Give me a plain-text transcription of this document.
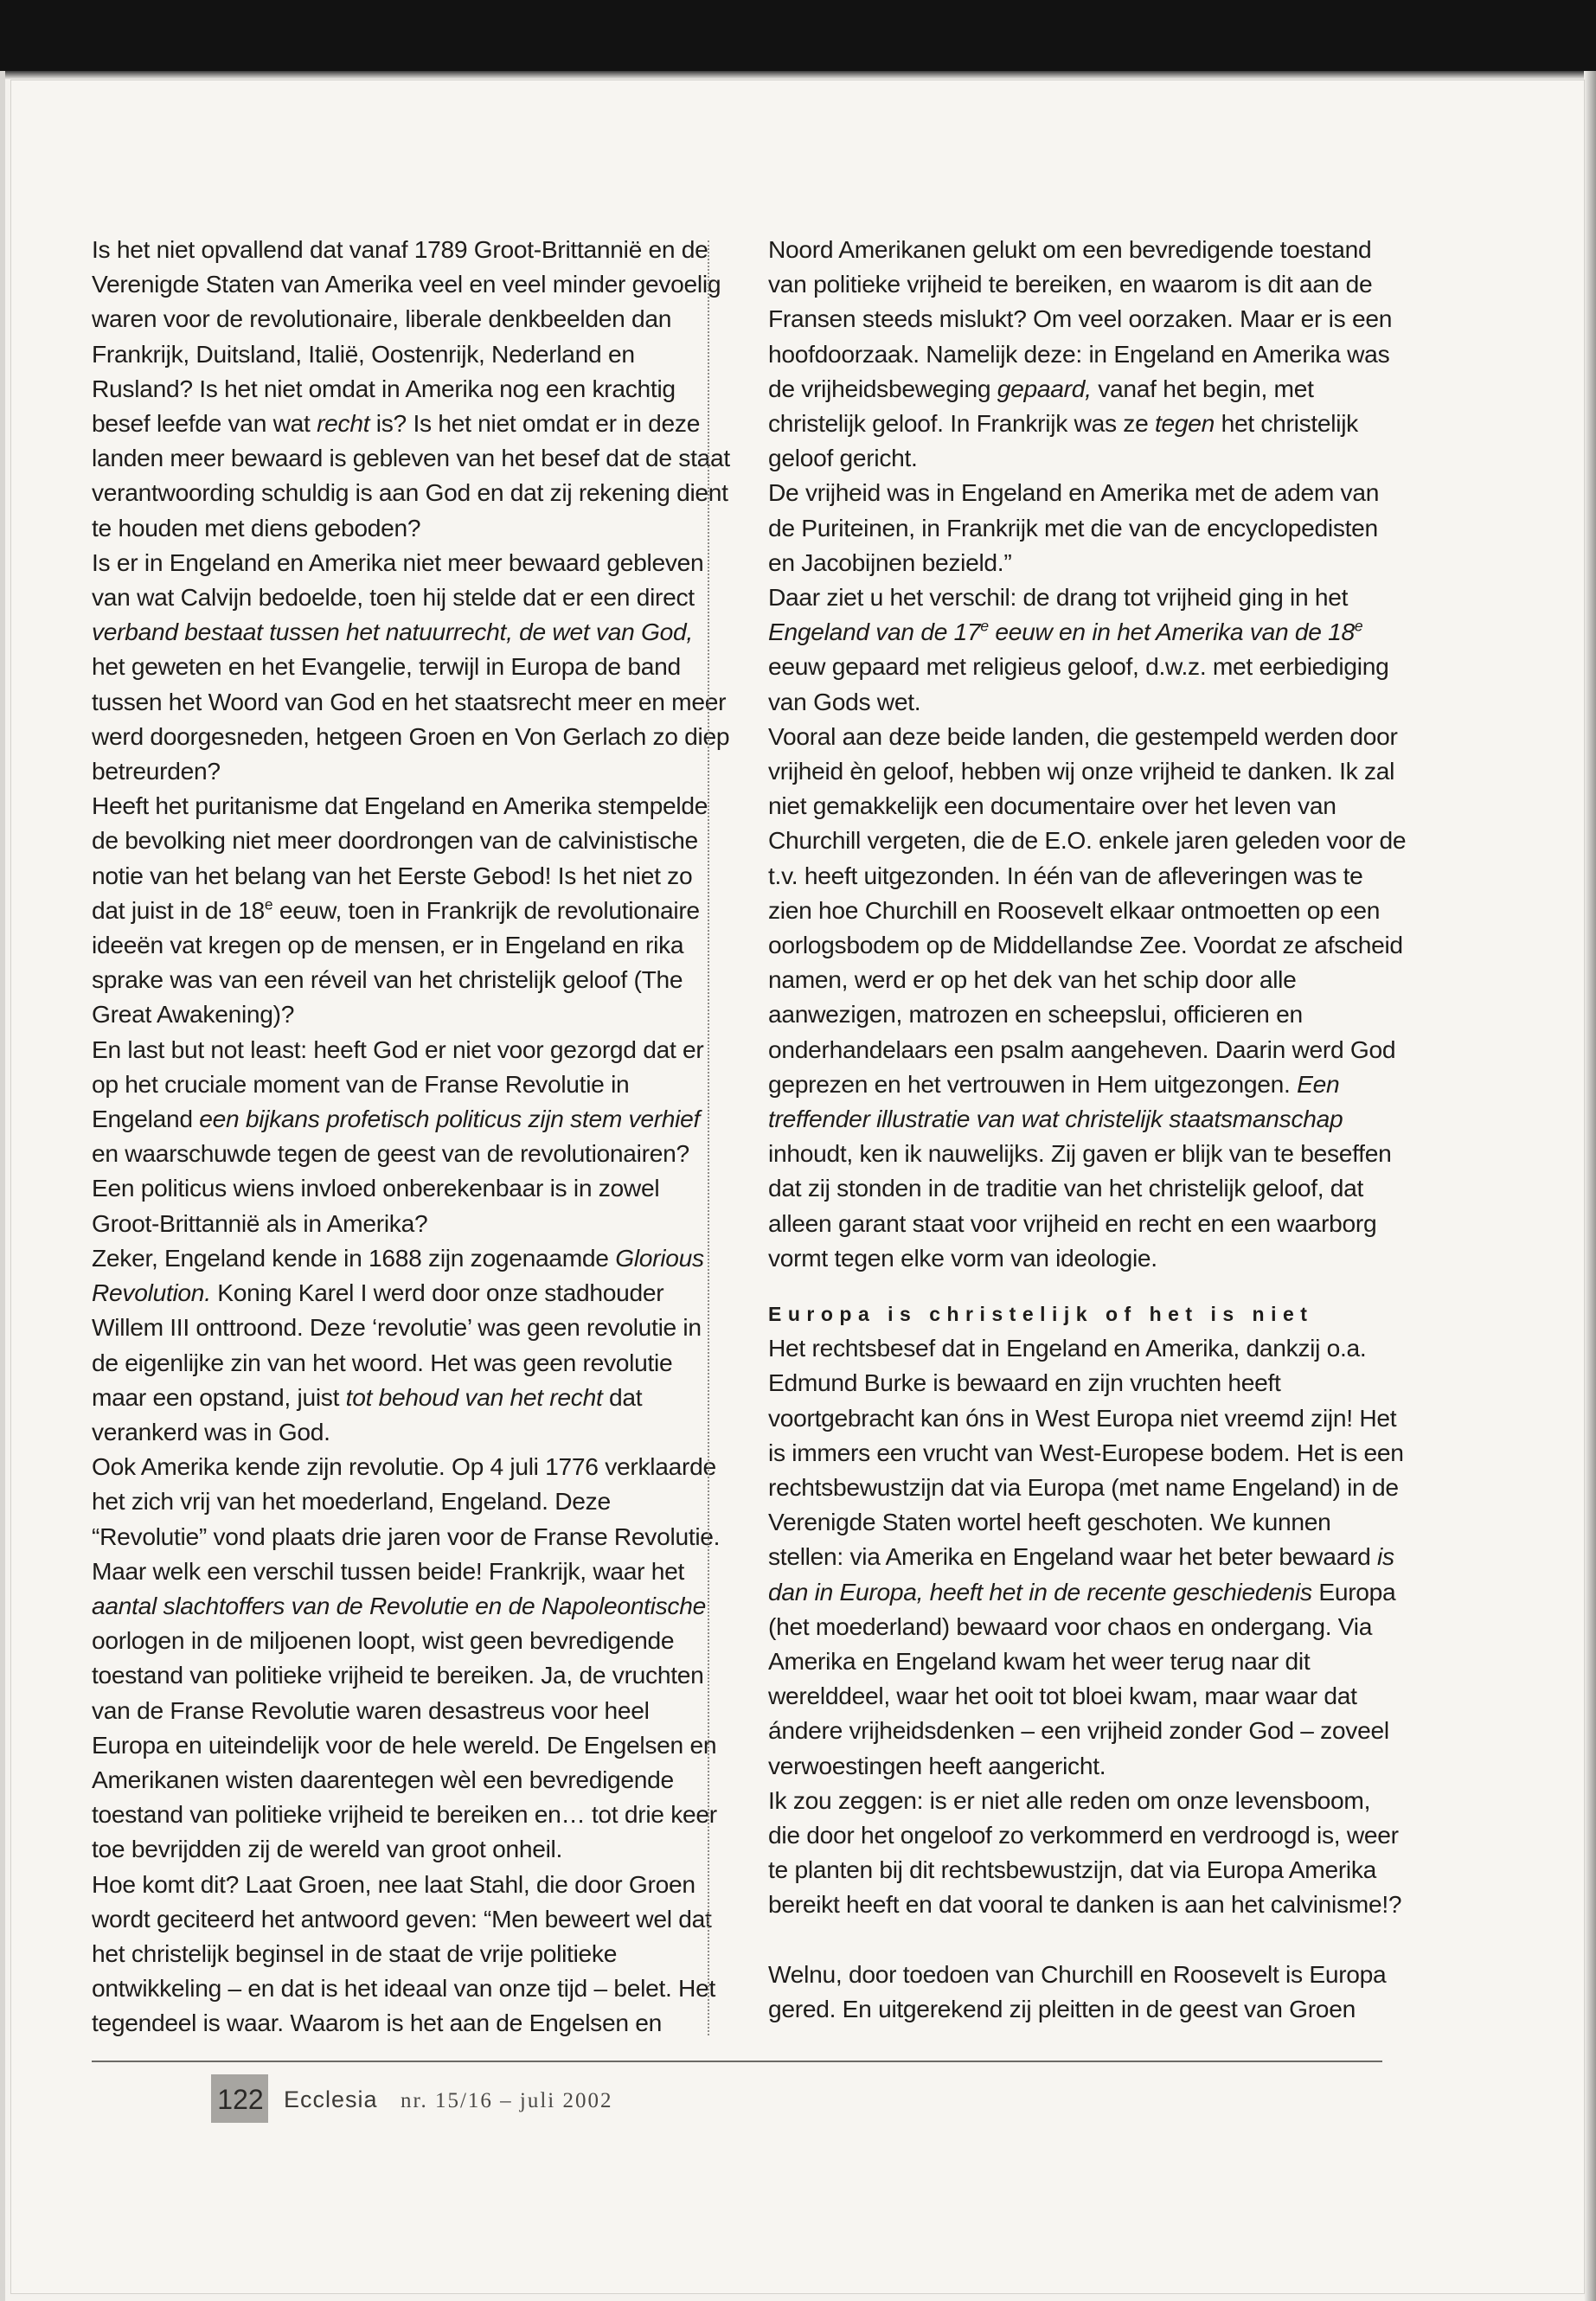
Is het niet opvallend dat vanaf 1789 Groot-Brittannië en de Verenigde Staten van Amerika veel en veel minder gevoelig waren voor de revolutionaire, liberale denkbeelden dan Frankrijk, Duitsland, Italië, Oostenrijk, Nederland en Rusland? Is het niet omdat in Amerika nog een krachtig besef leefde van wat recht is? Is het niet omdat er in deze landen meer bewaard is gebleven van het besef dat de staat verantwoording schuldig is aan God en dat zij rekening dient te houden met diens geboden?

Is er in Engeland en Amerika niet meer bewaard gebleven van wat Calvijn bedoelde, toen hij stelde dat er een direct verband bestaat tussen het natuurrecht, de wet van God, het geweten en het Evangelie, terwijl in Europa de band tussen het Woord van God en het staatsrecht meer en meer werd doorgesneden, hetgeen Groen en Von Gerlach zo diep betreurden?

Heeft het puritanisme dat Engeland en Amerika stempelde de bevolking niet meer doordrongen van de calvinistische notie van het belang van het Eerste Gebod! Is het niet zo dat juist in de 18e eeuw, toen in Frankrijk de revolutionaire ideeën vat kregen op de mensen, er in Engeland en rika sprake was van een réveil van het christelijk geloof (The Great Awakening)?

En last but not least: heeft God er niet voor gezorgd dat er op het cruciale moment van de Franse Revolutie in Engeland een bijkans profetisch politicus zijn stem verhief en waarschuwde tegen de geest van de revolutionairen? Een politicus wiens invloed onberekenbaar is in zowel Groot-Brittannië als in Amerika?

Zeker, Engeland kende in 1688 zijn zogenaamde Glorious Revolution. Koning Karel I werd door onze stadhouder Willem III onttroond. Deze ‘revolutie’ was geen revolutie in de eigenlijke zin van het woord. Het was geen revolutie maar een opstand, juist tot behoud van het recht dat verankerd was in God.

Ook Amerika kende zijn revolutie. Op 4 juli 1776 verklaarde het zich vrij van het moederland, Engeland. Deze “Revolutie” vond plaats drie jaren voor de Franse Revolutie. Maar welk een verschil tussen beide! Frankrijk, waar het aantal slachtoffers van de Revolutie en de Napoleontische oorlogen in de miljoenen loopt, wist geen bevredigende toestand van politieke vrijheid te bereiken. Ja, de vruchten van de Franse Revolutie waren desastreus voor heel Europa en uiteindelijk voor de hele wereld. De Engelsen en Amerikanen wisten daarentegen wèl een bevredigende toestand van politieke vrijheid te bereiken en… tot drie keer toe bevrijdden zij de wereld van groot onheil.

Hoe komt dit? Laat Groen, nee laat Stahl, die door Groen wordt geciteerd het antwoord geven: “Men beweert wel dat het christelijk beginsel in de staat de vrije politieke ontwikkeling – en dat is het ideaal van onze tijd – belet. Het tegendeel is waar. Waarom is het aan de Engelsen en

Noord Amerikanen gelukt om een bevredigende toestand van politieke vrijheid te bereiken, en waarom is dit aan de Fransen steeds mislukt? Om veel oorzaken. Maar er is een hoofdoorzaak. Namelijk deze: in Engeland en Amerika was de vrijheidsbeweging gepaard, vanaf het begin, met christelijk geloof. In Frankrijk was ze tegen het christelijk geloof gericht.

De vrijheid was in Engeland en Amerika met de adem van de Puriteinen, in Frankrijk met die van de encyclopedisten en Jacobijnen bezield.”

Daar ziet u het verschil: de drang tot vrijheid ging in het Engeland van de 17e eeuw en in het Amerika van de 18e eeuw gepaard met religieus geloof, d.w.z. met eerbiediging van Gods wet.

Vooral aan deze beide landen, die gestempeld werden door vrijheid èn geloof, hebben wij onze vrijheid te danken. Ik zal niet gemakkelijk een documentaire over het leven van Churchill vergeten, die de E.O. enkele jaren geleden voor de t.v. heeft uitgezonden. In één van de afleveringen was te zien hoe Churchill en Roosevelt elkaar ontmoetten op een oorlogsbodem op de Middellandse Zee. Voordat ze afscheid namen, werd er op het dek van het schip door alle aanwezigen, matrozen en scheepslui, officieren en onderhandelaars een psalm aangeheven. Daarin werd God geprezen en het vertrouwen in Hem uitgezongen. Een treffender illustratie van wat christelijk staatsmanschap inhoudt, ken ik nauwelijks. Zij gaven er blijk van te beseffen dat zij stonden in de traditie van het christelijk geloof, dat alleen garant staat voor vrijheid en recht en een waarborg vormt tegen elke vorm van ideologie.

Europa is christelijk of het is niet

Het rechtsbesef dat in Engeland en Amerika, dankzij o.a. Edmund Burke is bewaard en zijn vruchten heeft voortgebracht kan óns in West Europa niet vreemd zijn! Het is immers een vrucht van West-Europese bodem. Het is een rechtsbewustzijn dat via Europa (met name Engeland) in de Verenigde Staten wortel heeft geschoten. We kunnen stellen: via Amerika en Engeland waar het beter bewaard is dan in Europa, heeft het in de recente geschiedenis Europa (het moederland) bewaard voor chaos en ondergang. Via Amerika en Engeland kwam het weer terug naar dit werelddeel, waar het ooit tot bloei kwam, maar waar dat ándere vrijheidsdenken – een vrijheid zonder God – zoveel verwoestingen heeft aangericht.

Ik zou zeggen: is er niet alle reden om onze levensboom, die door het ongeloof zo verkommerd en verdroogd is, weer te planten bij dit rechtsbewustzijn, dat via Europa Amerika bereikt heeft en dat vooral te danken is aan het calvinisme!?

Welnu, door toedoen van Churchill en Roosevelt is Europa gered. En uitgerekend zij pleitten in de geest van Groen

122 Ecclesia nr. 15/16 – juli 2002
